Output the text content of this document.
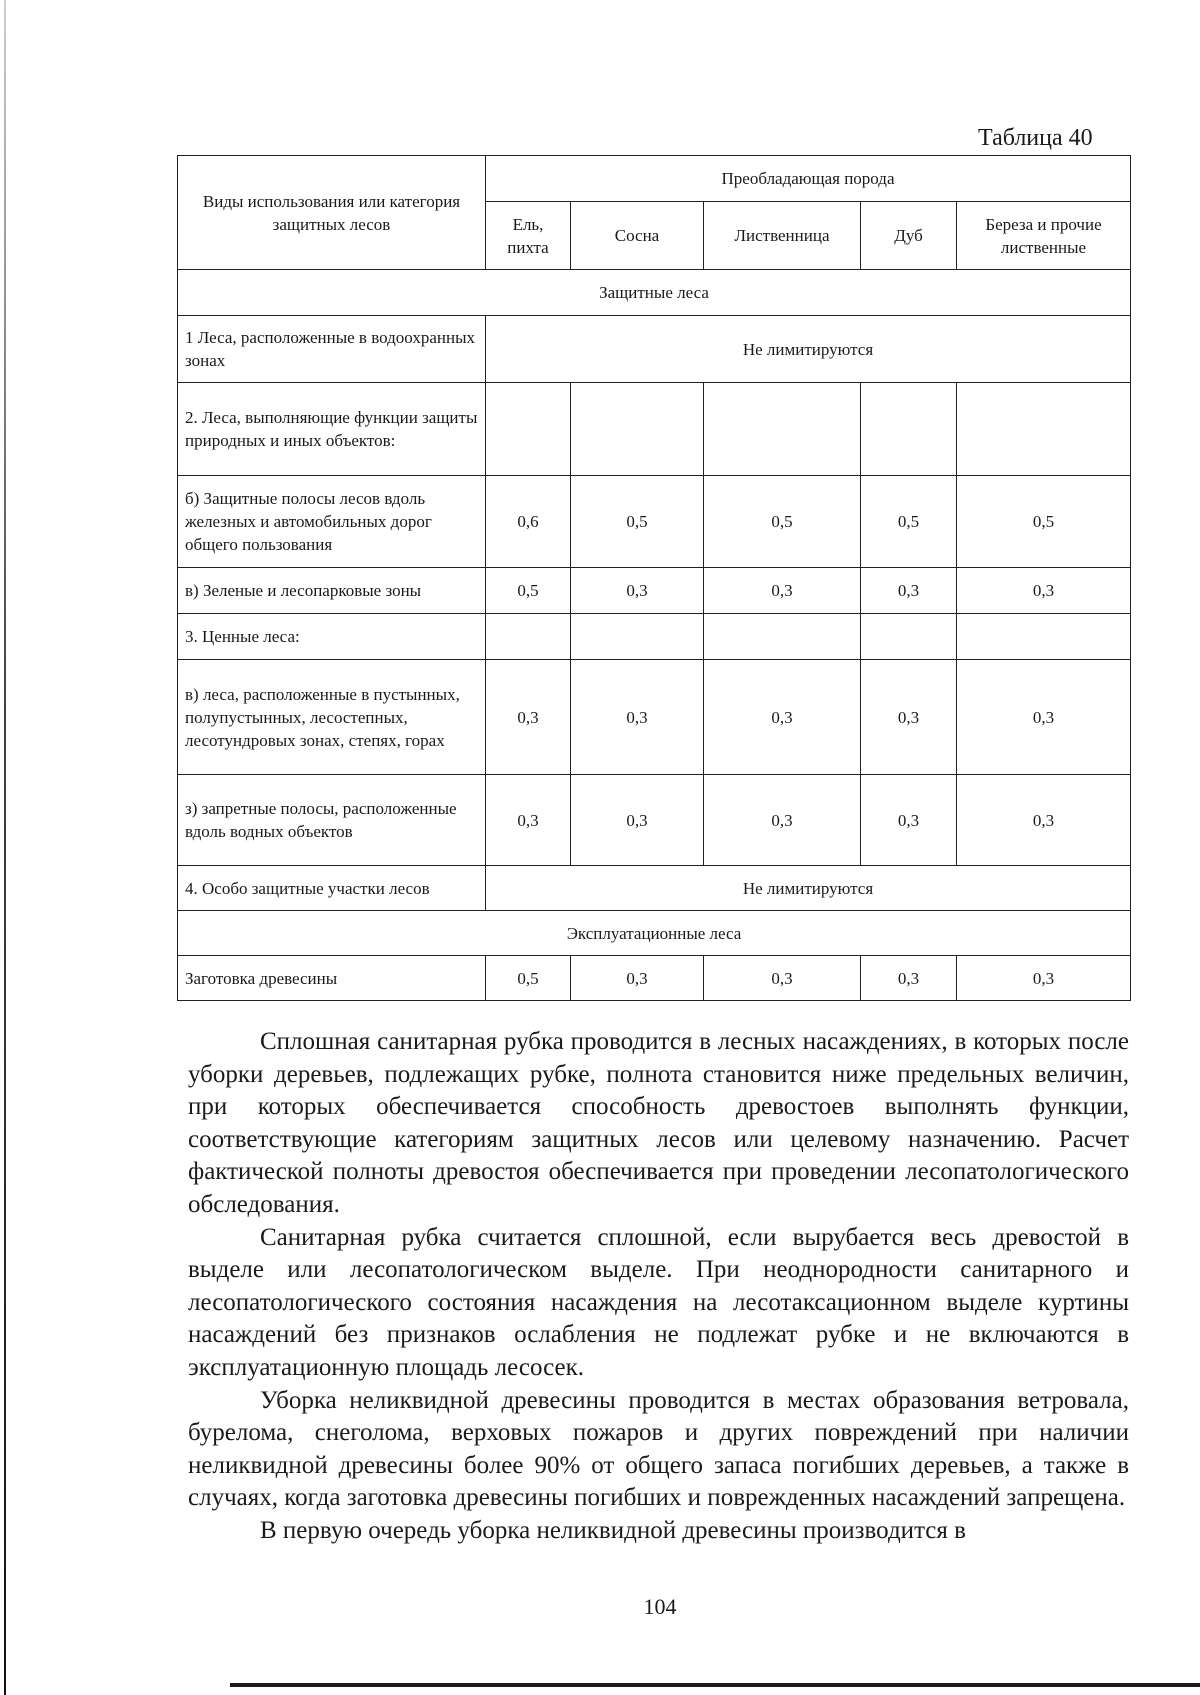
Таблица 40
Виды использования или категория защитных лесов	Преобладающая порода				
	Ель, пихта	Сосна	Лиственница	Дуб	Береза и прочие лиственные
Защитные леса					
1 Леса, расположенные в водоохранных зонах	Не лимитируются				
2. Леса, выполняющие функции защиты природных и иных объектов:					
б) Защитные полосы лесов вдоль железных и автомобильных дорог общего пользования	0,6	0,5	0,5	0,5	0,5
в) Зеленые и лесопарковые зоны	0,5	0,3	0,3	0,3	0,3
3. Ценные леса:					
в) леса, расположенные в пустынных, полупустынных, лесостепных, лесотундровых зонах, степях, горах	0,3	0,3	0,3	0,3	0,3
з) запретные полосы, расположенные вдоль водных объектов	0,3	0,3	0,3	0,3	0,3
4. Особо защитные участки лесов	Не лимитируются				
Эксплуатационные леса					
Заготовка древесины	0,5	0,3	0,3	0,3	0,3

Сплошная санитарная рубка проводится в лесных насаждениях, в которых после уборки деревьев, подлежащих рубке, полнота становится ниже предельных величин, при которых обеспечивается способность древостоев выполнять функции, соответствующие категориям защитных лесов или целевому назначению. Расчет фактической полноты древостоя обеспечивается при проведении лесопатологического обследования.

Санитарная рубка считается сплошной, если вырубается весь древостой в выделе или лесопатологическом выделе. При неоднородности санитарного и лесопатологического состояния насаждения на лесотаксационном выделе куртины насаждений без признаков ослабления не подлежат рубке и не включаются в эксплуатационную площадь лесосек.

Уборка неликвидной древесины проводится в местах образования ветровала, бурелома, снеголома, верховых пожаров и других повреждений при наличии неликвидной древесины более 90% от общего запаса погибших деревьев, а также в случаях, когда заготовка древесины погибших и поврежденных насаждений запрещена.

В первую очередь уборка неликвидной древесины производится в

104
